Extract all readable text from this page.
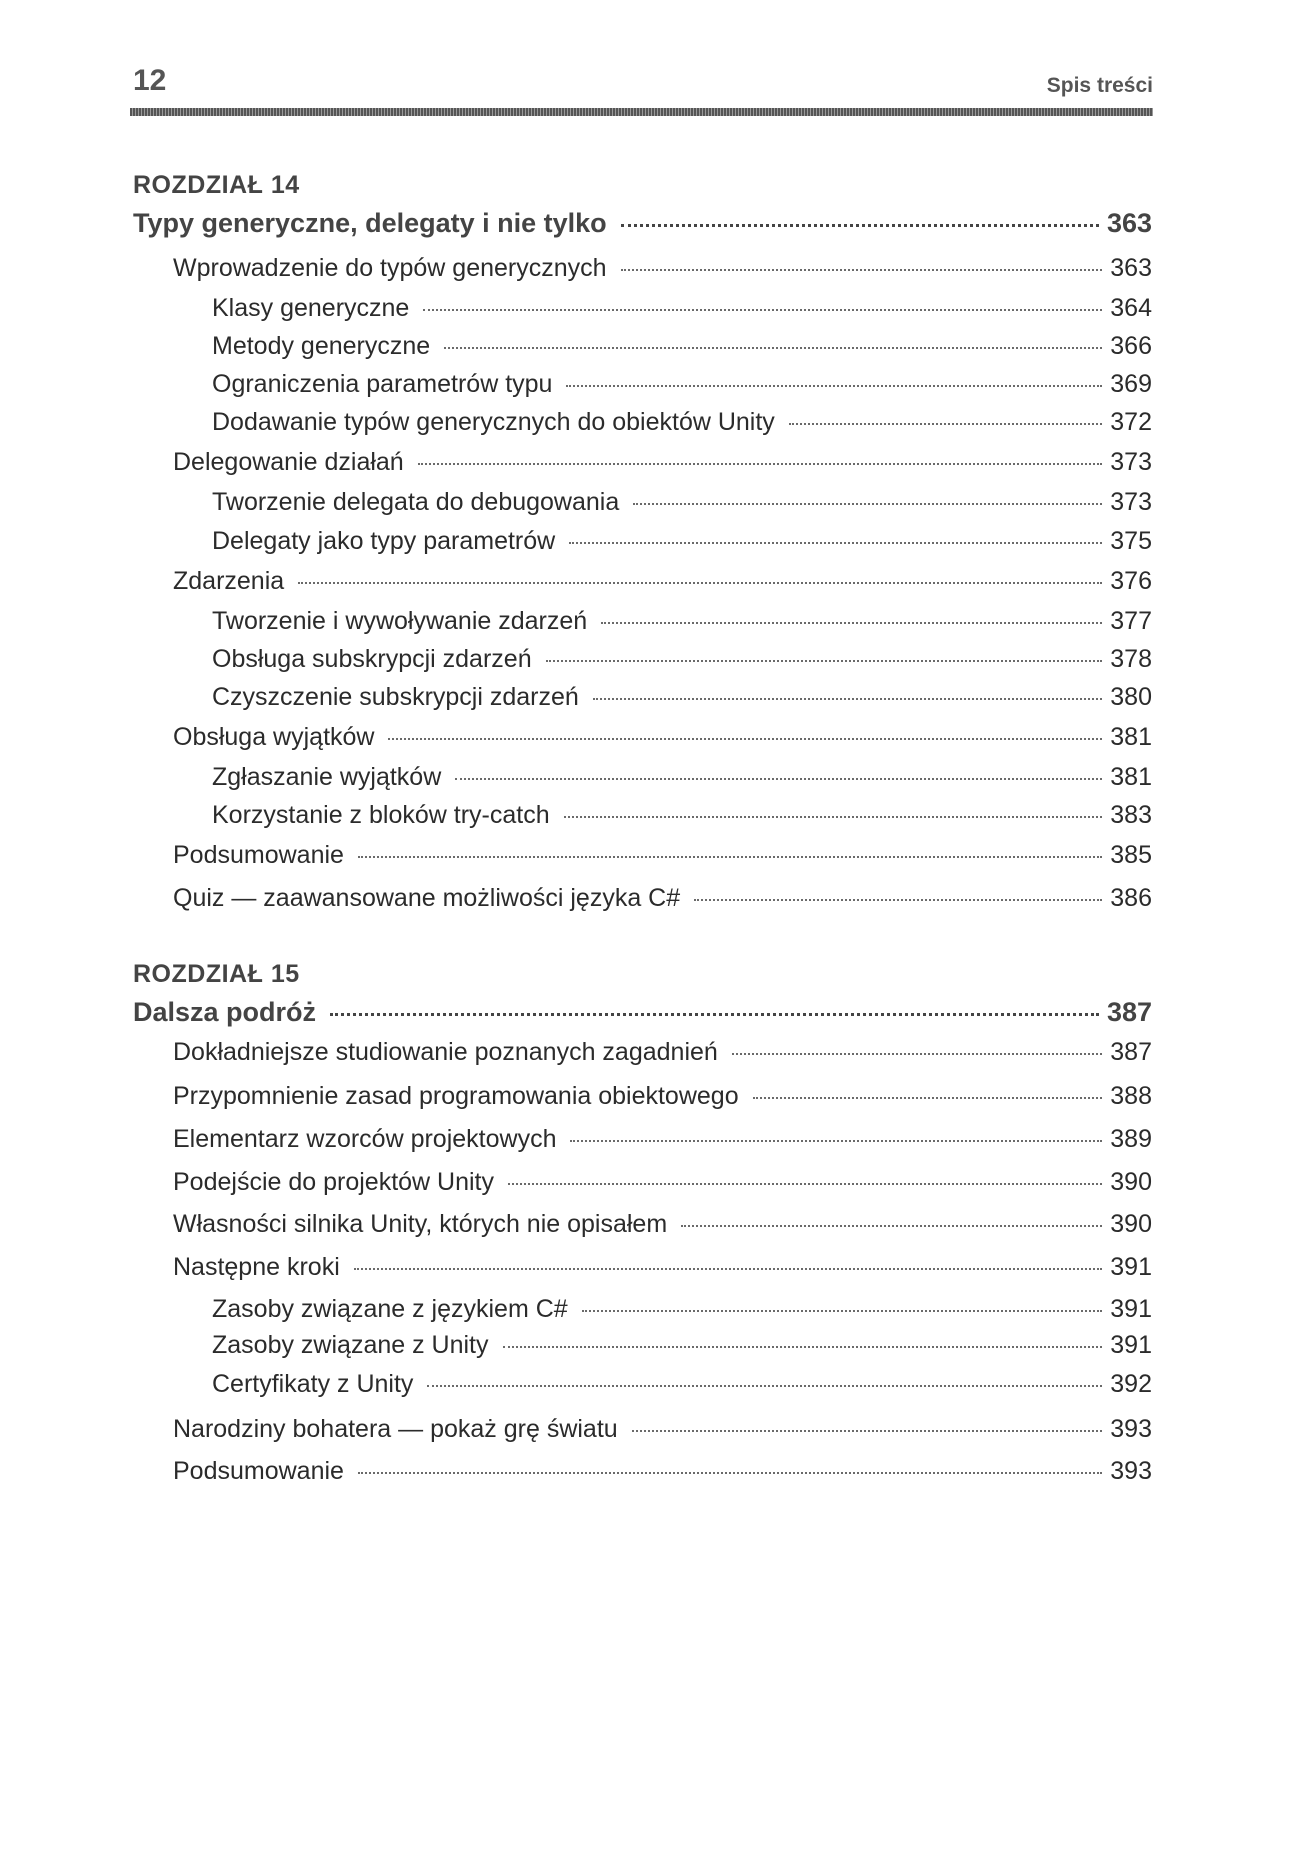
12	Spis treści
ROZDZIAŁ 14
Typy generyczne, delegaty i nie tylko	363
Wprowadzenie do typów generycznych	363
Klasy generyczne	364
Metody generyczne	366
Ograniczenia parametrów typu	369
Dodawanie typów generycznych do obiektów Unity	372
Delegowanie działań	373
Tworzenie delegata do debugowania	373
Delegaty jako typy parametrów	375
Zdarzenia	376
Tworzenie i wywoływanie zdarzeń	377
Obsługa subskrypcji zdarzeń	378
Czyszczenie subskrypcji zdarzeń	380
Obsługa wyjątków	381
Zgłaszanie wyjątków	381
Korzystanie z bloków try-catch	383
Podsumowanie	385
Quiz — zaawansowane możliwości języka C#	386
ROZDZIAŁ 15
Dalsza podróż	387
Dokładniejsze studiowanie poznanych zagadnień	387
Przypomnienie zasad programowania obiektowego	388
Elementarz wzorców projektowych	389
Podejście do projektów Unity	390
Własności silnika Unity, których nie opisałem	390
Następne kroki	391
Zasoby związane z językiem C#	391
Zasoby związane z Unity	391
Certyfikaty z Unity	392
Narodziny bohatera — pokaż grę światu	393
Podsumowanie	393
